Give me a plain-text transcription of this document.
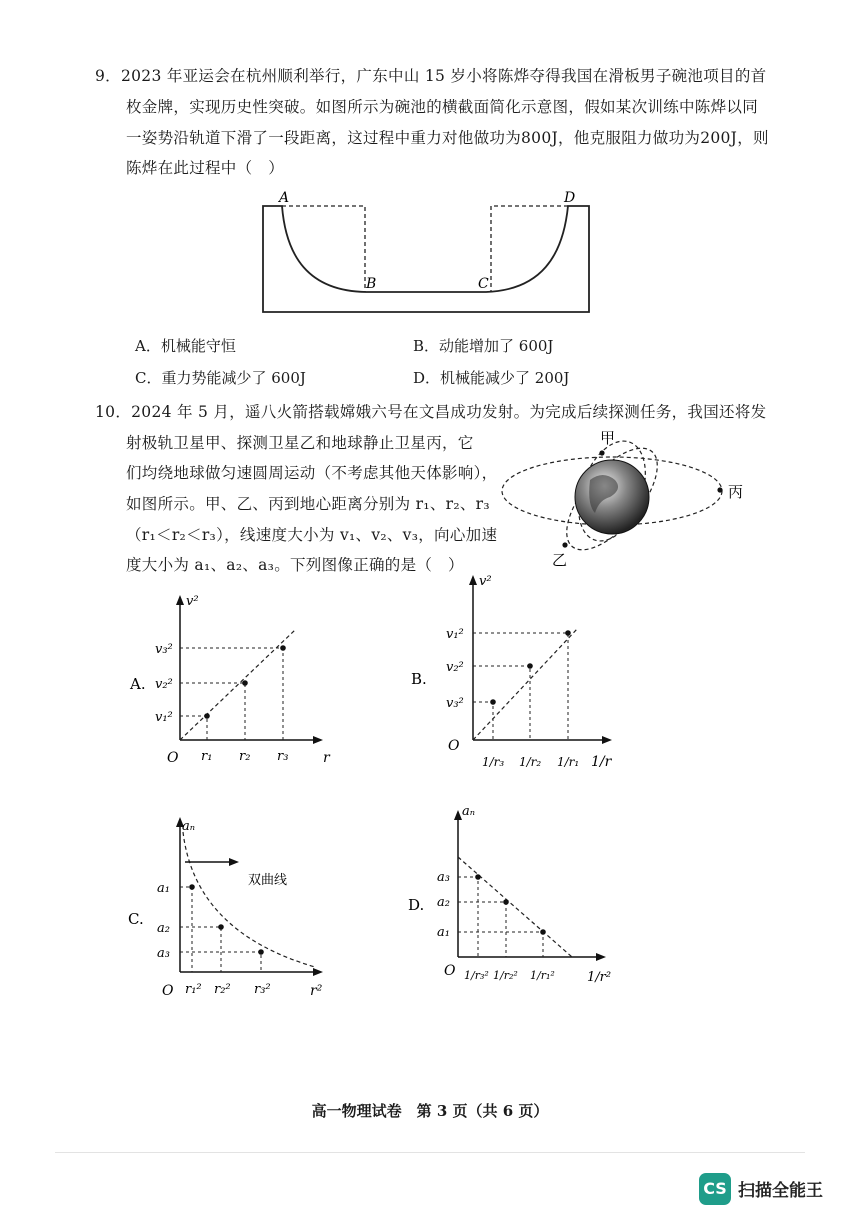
9．2023 年亚运会在杭州顺利举行，广东中山 15 岁小将陈烨夺得我国在滑板男子碗池项目的首
枚金牌，实现历史性突破。如图所示为碗池的横截面简化示意图，假如某次训练中陈烨以同
一姿势沿轨道下滑了一段距离，这过程中重力对他做功为800J，他克服阻力做功为200J，则
陈烨在此过程中（　）
A
B	C
D
A．机械能守恒	B．动能增加了 600J
C．重力势能减少了 600J	D．机械能减少了 200J
10．2024 年 5 月，遥八火箭搭载嫦娥六号在文昌成功发射。为完成后续探测任务，我国还将发
射极轨卫星甲、探测卫星乙和地球静止卫星丙，它
们均绕地球做匀速圆周运动（不考虑其他天体影响），
如图所示。甲、乙、丙到地心距离分别为 r₁、r₂、r₃
（r₁＜r₂＜r₃），线速度大小为 v₁、v₂、v₃，向心加速
度大小为 a₁、a₂、a₃。下列图像正确的是（　）
甲
丙
乙
A.
v²
r
O
v₃²
v₂²
v₁²
r₁ r₂ r₃
B.
v²
1/r
O
v₁²
v₂²
v₃²
1/r₃ 1/r₂ 1/r₁
双曲线
C.
aₙ
r²
O
a₁
a₂
a₃
r₁² r₂² r₃²
D.
aₙ
1/r²
O
a₃
a₂
a₁
1/r₃² 1/r₂² 1/r₁²
高一物理试卷　第 3 页（共 6 页）
CS 扫描全能王
